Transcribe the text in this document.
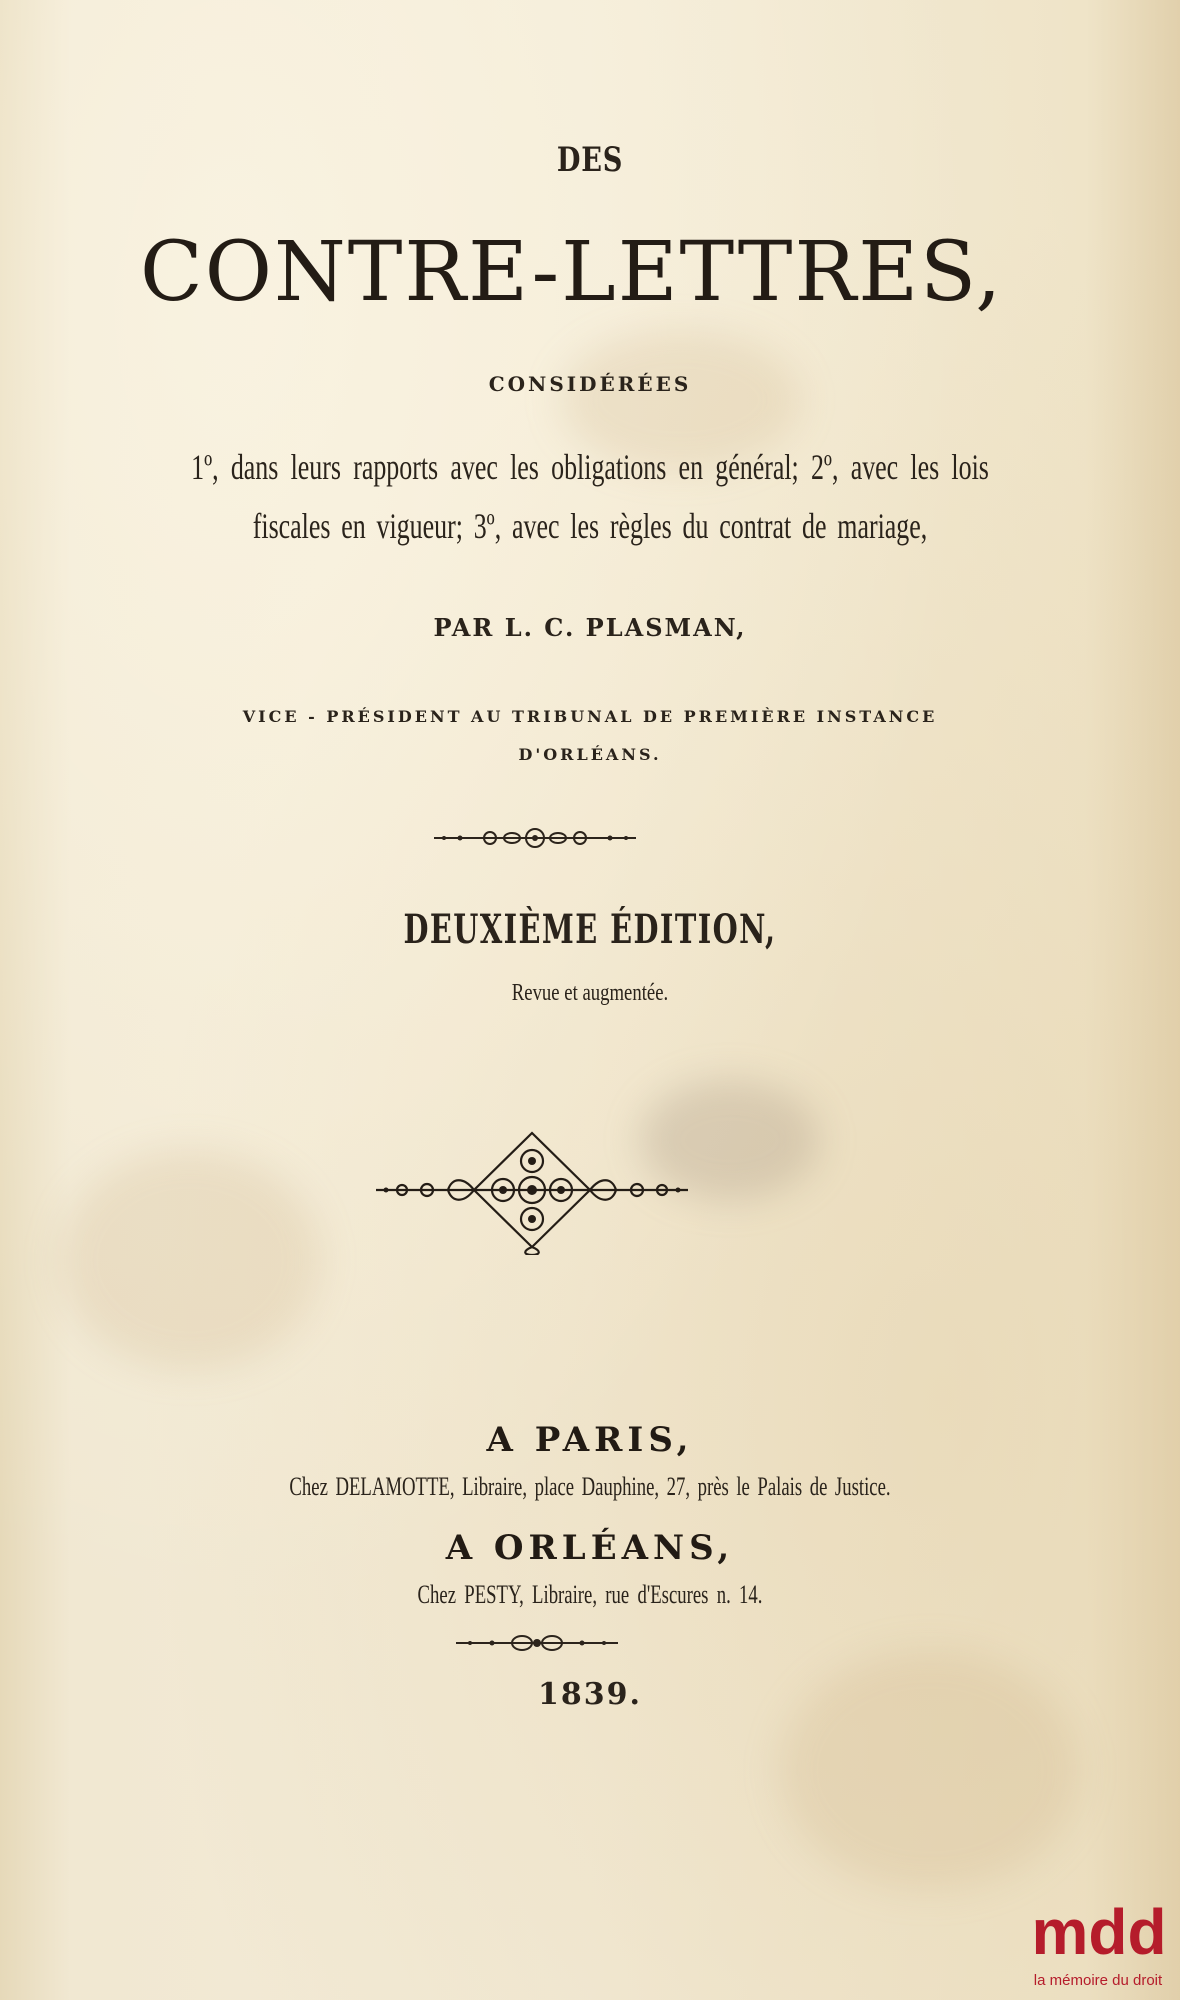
DES
CONTRE-LETTRES,
CONSIDÉRÉES
1º, dans leurs rapports avec les obligations en général; 2º, avec les lois
fiscales en vigueur; 3º, avec les règles du contrat de mariage,
PAR L. C. PLASMAN,
VICE - PRÉSIDENT AU TRIBUNAL DE PREMIÈRE INSTANCE
D'ORLÉANS.
DEUXIÈME ÉDITION,
Revue et augmentée.
A PARIS,
Chez DELAMOTTE, Libraire, place Dauphine, 27, près le Palais de Justice.
A ORLÉANS,
Chez PESTY, Libraire, rue d'Escures n. 14.
1839.
mdd
la mémoire du droit
